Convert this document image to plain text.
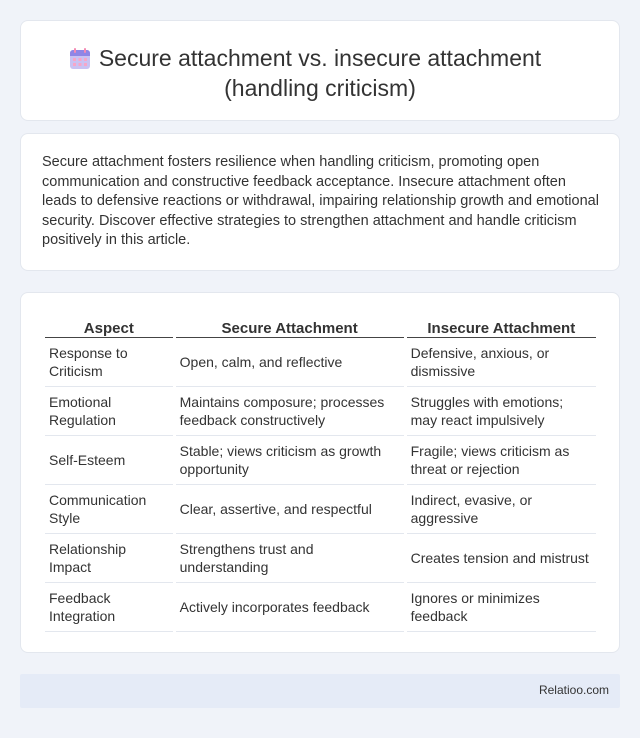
Secure attachment vs. insecure attachment
(handling criticism)

Secure attachment fosters resilience when handling criticism, promoting open communication and constructive feedback acceptance. Insecure attachment often leads to defensive reactions or withdrawal, impairing relationship growth and emotional security. Discover effective strategies to strengthen attachment and handle criticism positively in this article.

Aspect	Secure Attachment	Insecure Attachment
Response to Criticism	Open, calm, and reflective	Defensive, anxious, or dismissive
Emotional Regulation	Maintains composure; processes feedback constructively	Struggles with emotions; may react impulsively
Self-Esteem	Stable; views criticism as growth opportunity	Fragile; views criticism as threat or rejection
Communication Style	Clear, assertive, and respectful	Indirect, evasive, or aggressive
Relationship Impact	Strengthens trust and understanding	Creates tension and mistrust
Feedback Integration	Actively incorporates feedback	Ignores or minimizes feedback
Relatioo.com
